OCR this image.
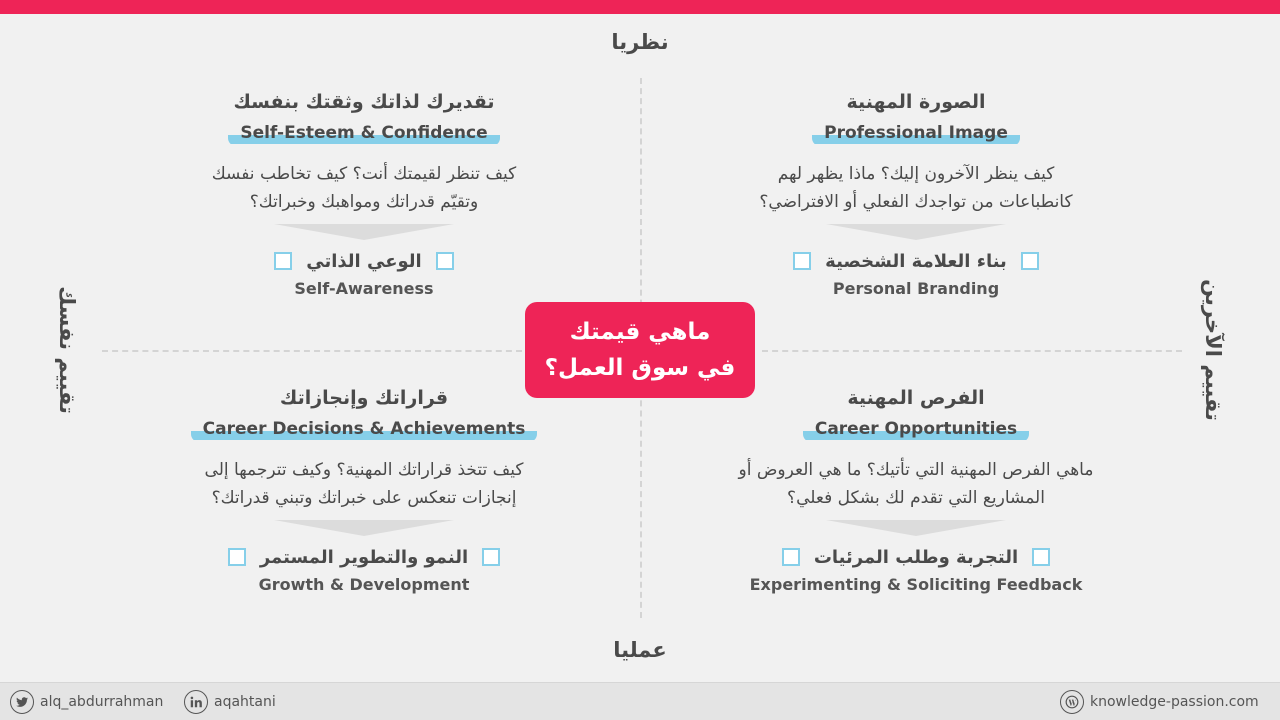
نظريا
عمليا
تقييم نفسك	تقييم الآخرين
تقديرك لذاتك وثقتك بنفسك
Self-Esteem & Confidence
كيف تنظر لقيمتك أنت؟ كيف تخاطب نفسك
وتقيّم قدراتك ومواهبك وخبراتك؟
الوعي الذاتي
Self-Awareness
الصورة المهنية
Professional Image
كيف ينظر الآخرون إليك؟ ماذا يظهر لهم
كانطباعات من تواجدك الفعلي أو الافتراضي؟
بناء العلامة الشخصية
Personal Branding
قراراتك وإنجازاتك
Career Decisions & Achievements
كيف تتخذ قراراتك المهنية؟ وكيف تترجمها إلى
إنجازات تنعكس على خبراتك وتبني قدراتك؟
النمو والتطوير المستمر
Growth & Development
الفرص المهنية
Career Opportunities
ماهي الفرص المهنية التي تأتيك؟ ما هي العروض أو
المشاريع التي تقدم لك بشكل فعلي؟
التجربة وطلب المرئيات
Experimenting & Soliciting Feedback
ماهي قيمتك
في سوق العمل؟
alq_abdurrahman	aqahtani	knowledge-passion.com
